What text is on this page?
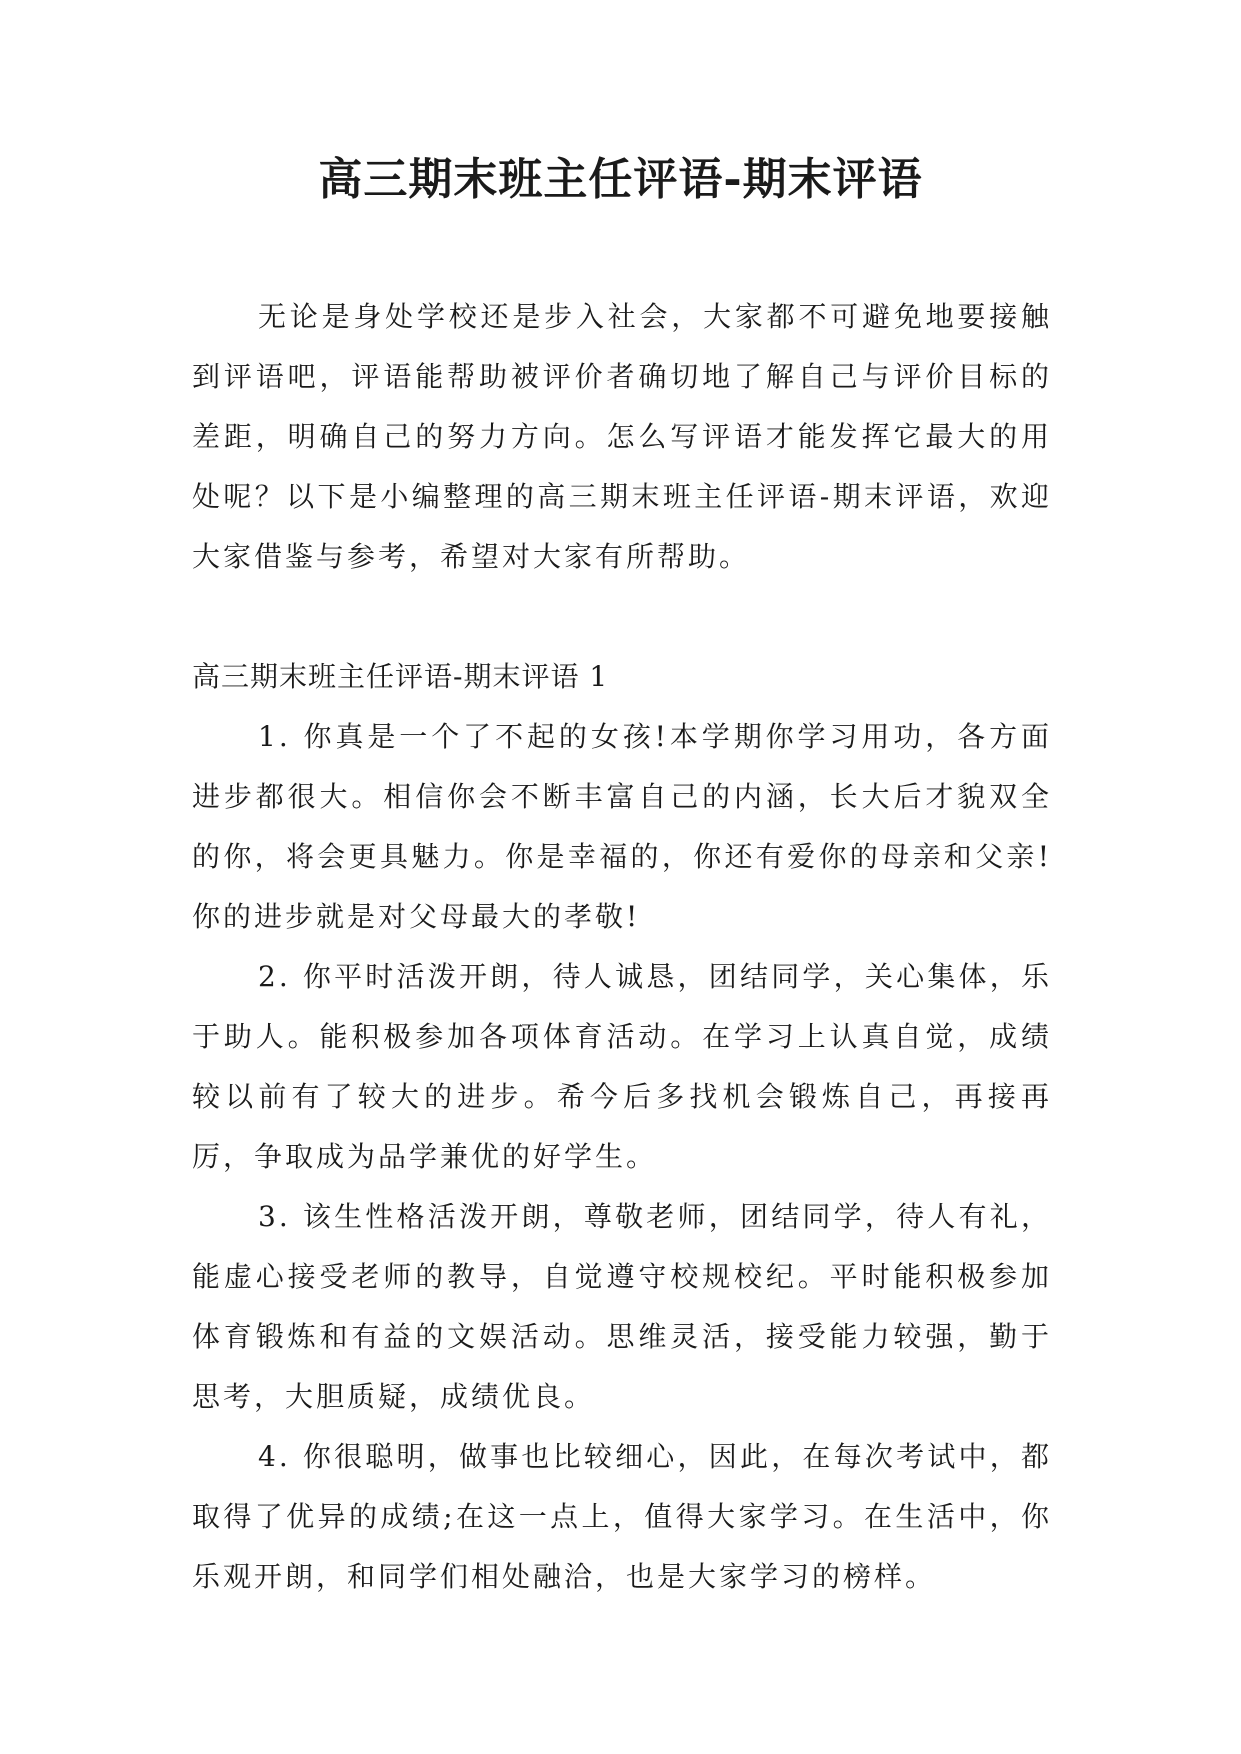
高三期末班主任评语-期末评语

无论是身处学校还是步入社会，大家都不可避免地要接触到评语吧，评语能帮助被评价者确切地了解自己与评价目标的差距，明确自己的努力方向。怎么写评语才能发挥它最大的用处呢？以下是小编整理的高三期末班主任评语-期末评语，欢迎大家借鉴与参考，希望对大家有所帮助。

高三期末班主任评语-期末评语 1

1. 你真是一个了不起的女孩!本学期你学习用功，各方面进步都很大。相信你会不断丰富自己的内涵，长大后才貌双全的你，将会更具魅力。你是幸福的，你还有爱你的母亲和父亲!你的进步就是对父母最大的孝敬!

2. 你平时活泼开朗，待人诚恳，团结同学，关心集体，乐于助人。能积极参加各项体育活动。在学习上认真自觉，成绩较以前有了较大的进步。希今后多找机会锻炼自己，再接再厉，争取成为品学兼优的好学生。

3. 该生性格活泼开朗，尊敬老师，团结同学，待人有礼，能虚心接受老师的教导，自觉遵守校规校纪。平时能积极参加体育锻炼和有益的文娱活动。思维灵活，接受能力较强，勤于思考，大胆质疑，成绩优良。

4. 你很聪明，做事也比较细心，因此，在每次考试中，都取得了优异的成绩;在这一点上，值得大家学习。在生活中，你乐观开朗，和同学们相处融洽，也是大家学习的榜样。
